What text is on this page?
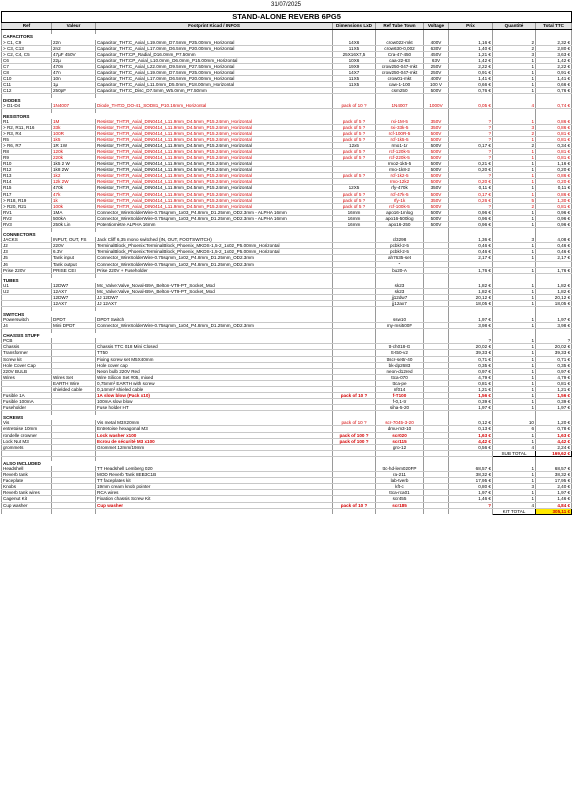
31/07/2025
STAND-ALONE REVERB 6PG5								
Ref	Valeur	Footprint Kicad / INFOS	Dimensions LxD	Ref Tube Town	Voltage	Prix	Quantité	Total TTC

CAPACITORS								
> C1, C9	22n	Capacitor_THT:C_Axial_L19.0mm_D7.5mm_P25.00mm_Horizontal	14X6	crow022-mkt	400V	1,16 €	2	2,32 €
> C3, C13	2n2	Capacitor_THT:C_Axial_L17.0mm_D6.5mm_P20.00mm_Horizontal	11X5	crow630-0,002	630V	1,40 €	2	2,80 €
> C2, C4, C5	47µF 450V	Capacitor_THT:CP_Radial_D16.0mm_P7.50mm	25X16X7,5	Cra-47-450	450V	1,21 €	3	3,63 €
C6	22µ	Capacitor_THT:CP_Axial_L10.0mm_D6.0mm_P15.00mm_Horizontal	10X6	caa-22-63	63V	1,42 €	1	1,42 €
C7	470n	Capacitor_THT:C_Axial_L22.0mm_D9.5mm_P27.50mm_Horizontal	19X9	crow250-047-mkt	250V	2,22 €	1	2,22 €
C8	47n	Capacitor_THT:C_Axial_L19.0mm_D7.5mm_P25.00mm_Horizontal	14X7	crow250-047-mkt	250V	0,91 €	1	0,91 €
C10	10n	Capacitor_THT:C_Axial_L17.0mm_D6.5mm_P20.00mm_Horizontal	11X5	crow01-mkt	400V	1,41 €	1	1,41 €
C11	1µ	Capacitor_THT:C_Axial_L11.0mm_D5.0mm_P18.00mm_Horizontal	11X5	caw-1-100	100 V	0,66 €	1	0,66 €
C12	250pF	Capacitor_THT:C_Disc_D7.5mm_W5.0mm_P7.50mm		csm250	500V	0,76 €	1	0,76 €

DIODES								
> D1-D4	1N4007	Diode_THT:D_DO-41_SOD81_P10.16mm_Horizontal	pack of 10 ?	1N4007	1000V	0,05 €	4	0,74 €

RESISTORS								
R1	1M	Resistor_THT:R_Axial_DIN0414_L11.9mm_D4.5mm_P15.24mm_Horizontal	pack of 5 ?	rxi-1M-5	350V	?	1	0,86 €
> R2, R11, R16	33k	Resistor_THT:R_Axial_DIN0414_L11.9mm_D4.5mm_P15.24mm_Horizontal	pack of 5 ?	rxi-33k-5	350V	?	3	0,86 €
> R3, R4	100R	Resistor_THT:R_Axial_DIN0414_L11.9mm_D4.5mm_P15.24mm_Horizontal	pack of 5 ?	rcf-100R-5	500V	?	2	0,81 €
R5	1k5	Resistor_THT:R_Axial_DIN0414_L11.9mm_D4.5mm_P15.24mm_Horizontal	pack of 5 ?	rcf-1k5-5	500V	?	1	0,81 €
> R6, R7	1R 1W	Resistor_THT:R_Axial_DIN0414_L11.9mm_D4.5mm_P15.24mm_Horizontal	12x5	rmo1-1r	500V	0,17 €	2	0,34 €
R8	120k	Resistor_THT:R_Axial_DIN0414_L11.9mm_D4.5mm_P15.24mm_Horizontal	pack of 5 ?	rcf-120k-5	500V	?	1	0,81 €
R9	220k	Resistor_THT:R_Axial_DIN0414_L11.9mm_D4.5mm_P15.24mm_Horizontal	pack of 5 ?	rcf-220k-5	500V	?	1	0,81 €
R10	1k5 2 W	Resistor_THT:R_Axial_DIN0414_L11.9mm_D4.5mm_P15.24mm_Horizontal		rmo2-1k5-5	500V	0,21 €	1	1,16 €
R12	1k8 2W	Resistor_THT:R_Axial_DIN0414_L11.9mm_D4.5mm_P15.24mm_Horizontal		rmo-1k8-2	500V	0,20 €	1	0,20 €
R13	1k2	Resistor_THT:R_Axial_DIN0414_L11.9mm_D4.5mm_P15.24mm_Horizontal	pack of 5 ?	rcf-1k2-5	500V	?	1	0,86 €
R14	12k 2W	Resistor_THT:R_Axial_DIN0414_L11.9mm_D4.5mm_P15.24mm_Horizontal		rmo-12k2	500V	0,20 €	1	0,20 €
R15	470k	Resistor_THT:R_Axial_DIN0414_L11.9mm_D4.5mm_P15.24mm_Horizontal	12X5	rfy-470k	350V	0,11 €	1	0,11 €
R17	47k	Resistor_THT:R_Axial_DIN0414_L11.9mm_D4.5mm_P15.24mm_Horizontal	pack of 5 ?	rcf-47k-5	500V	0,17 €	1	0,86 €
> R18, R19	1k	Resistor_THT:R_Axial_DIN0414_L11.9mm_D4.5mm_P15.24mm_Horizontal	pack of 5 ?	rfy-1k	350V	0,26 €	5	1,30 €
> R20, R21	100k	Resistor_THT:R_Axial_DIN0414_L11.9mm_D4.5mm_P15.24mm_Horizontal	pack of 5 ?	rcf-100k-5	500V	?	2	0,81 €
RV1	1MA	Connector_WireSolderWire-0.75sqmm_1x03_P4.8mm_D1.25mm_OD2.3mm - ALPHA 16mm	16mm	apo16-1mlog	500V	0,96 €	1	0,96 €
RV2	500kA	Connector_WireSolderWire-0.75sqmm_1x03_P4.8mm_D1.25mm_OD2.3mm - ALPHA 16mm	16mm	apo16-500log	500V	0,96 €	1	0,96 €
RV3	250k Lin	Potentiomètre ALPHA 16mm	16mm	apo16-250	500V	0,96 €	1	0,96 €

CONNECTORS								
JACKS	INPUT, OUT, FS	Jack Cliff 6,35 mono switched (IN, OUT, FOOTSWITCH)		cl3298		1,36 €	3	4,08 €
J2	220V	TerminalBlock_Phoenix:TerminalBlock_Phoenix_MKDS-1,5-2_1x02_P5.00mm_Horizontal		pcbkl-2-5		0,46 €	1	0,46 €
J3	6.3V	TerminalBlock_Phoenix:TerminalBlock_Phoenix_MKDS-1,5-2_1x02_P5.00mm_Horizontal		pcbkl-2-5		0,46 €	1	0,46 €
J5	Tank input	Connector_WireSolderWire-0.75sqmm_1x02_P4.8mm_D1.25mm_OD2.3mm		ah7635-set		2,17 €	1	2,17 €
J6	Tank output	Connector_WireSolderWire-0.75sqmm_1x02_P4.8mm_D1.25mm_OD2.3mm		"				
Prise 220V	PRISE CEI	Prise 220V + Fuseholder		bu20-A		1,76 €	1	1,76 €

TUBES								
U1	12DW7	Mc_Valve:Valve_Noval-B9A_Belton-VT9-PT_Socket_Mod		sk23		1,82 €	1	1,82 €
U2	12AX7	Mc_Valve:Valve_Noval-B9A_Belton-VT9-PT_Socket_Mod		sk23		1,82 €	1	1,82 €
	12DW7	JJ 12DW7		jj12dw7		20,12 €	1	20,12 €
	12AX7	JJ 12AX7		jj12ax7		18,05 €	1	18,05 €

SWITCHS								
Powerswitch	DPDT	DPDT Switch		ssw10		1,97 €	1	1,97 €
J4	Mini DPDT	Connector_WireSolderWire-0.75sqmm_1x04_P4.8mm_D1.25mm_OD2.3mm		my-msi500F		3,98 €	1	3,98 €

CHASSIS STUFF								
PCB						?	1	?
Chassis		Chassis TTC 018 Mini Closed		tt-ch018-G		20,02 €	1	20,02 €
Transformer		TT50		tt-t50-v2		39,33 €	1	39,33 €
Screw kit		Fixing screw set M5X40mm		ttscr-settr-40		0,71 €	1	0,71 €
Hole Cover Cap		Hole cover cap		bk-dp2683		0,35 €	1	0,35 €
220V BULB		Neon bulb 220V Red		neon-d12red		0,97 €	1	0,97 €
Wires	Wires Set	Wire Silicon Set #05, mixed		ttca-070		4,79 €	1	4,79 €
	EARTH Wire	0,75mm² EARTH with screw		ttca-pe		0,81 €	1	0,81 €
	shielded cable	0,14mm² shieled cable		nf014		1,21 €	1	1,21 €
Fusible 1A		1A slow blow (Pack x10)	pack of 10 ?	f-T100		1,56 €	1	1,56 €
Fusible 100mA		100mA slow blow		f-0,1-tr		0,39 €	1	0,39 €
Fuseholder		Fuse holder HT		siha-5-20		1,97 €	1	1,97 €

SCREWS								
Vis		Vis metal M3X20mm	pack of 10 ?	scr-7045-3-20		0,12 €	10	1,20 €
entretoise 10mm		Entretoise hexagonal M3		dmu-m3-10		0,13 €	6	0,78 €
rondelle crowner		Lock washer x100	pack of 100 ?	scr020		1,63 €	1	1,63 €
Lock Nut M3		Ecrou de sécurité M3 x100	pack of 100 ?	scr115		4,42 €	1	4,42 €
grommets		Grommet 12mm/19mm		gro-12		0,56 €	4	2,24 €
							SUB TOTAL	169,62 €

ALSO INCLUDED								
Headshell		TT Headshell Lemberg 020		ttc-hd-lem020FP		68,57 €	1	68,57 €
Reverb tank		MOD Reverb Tank 8EB3C1B		ra-211		38,32 €	1	38,32 €
Faceplate		TT faceplates kit		lab-tverb		17,95 €	1	17,95 €
Knobs		19mm cream knob pointer		kft-c		0,80 €	3	2,40 €
Reverb tank wires		RCA wires		ttca-rca01		1,97 €	1	1,97 €
Cagenut Kit		Fixation chassis Screw Kit		scr455		1,46 €	1	1,46 €
Cup washer		Cup washer	pack of 10 ?	scr185		?	4	4,84 €
							KIT TOTAL	305,11 €
